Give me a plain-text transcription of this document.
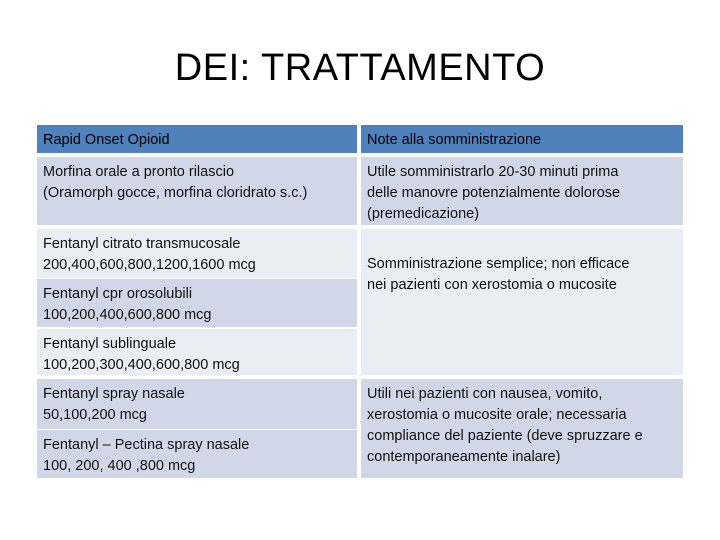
DEI: TRATTAMENTO
Rapid Onset Opioid	Note alla somministrazione
Morfina orale a pronto rilascio
(Oramorph gocce, morfina cloridrato s.c.)
Utile somministrarlo 20-30 minuti prima
delle manovre potenzialmente dolorose
(premedicazione)
Fentanyl citrato transmucosale
200,400,600,800,1200,1600 mcg
Fentanyl cpr orosolubili
100,200,400,600,800 mcg
Fentanyl sublinguale
100,200,300,400,600,800 mcg
Somministrazione semplice; non efficace
nei pazienti con xerostomia o mucosite
Fentanyl spray nasale
50,100,200 mcg
Fentanyl – Pectina spray nasale
100, 200, 400 ,800 mcg
Utili nei pazienti con nausea, vomito,
xerostomia o mucosite orale; necessaria
compliance del paziente (deve spruzzare e
contemporaneamente inalare)
